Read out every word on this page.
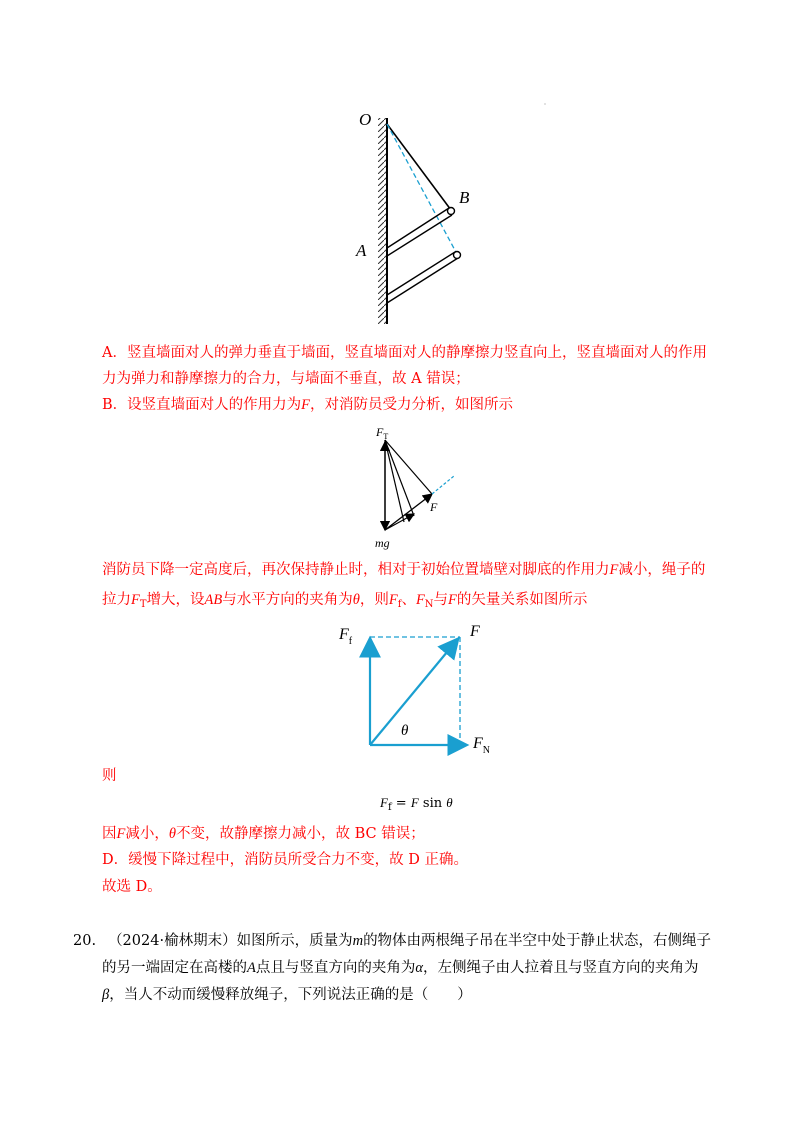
O
B
A
A．竖直墙面对人的弹力垂直于墙面，竖直墙面对人的静摩擦力竖直向上，竖直墙面对人的作用
力为弹力和静摩擦力的合力，与墙面不垂直，故 A 错误；
B．设竖直墙面对人的作用力为F，对消防员受力分析，如图所示
$F_T$
F
mg
消防员下降一定高度后，再次保持静止时，相对于初始位置墙壁对脚底的作用力F减小，绳子的
拉力$F_T$增大，设AB与水平方向的夹角为θ，则$F_f$、$F_N$与F的矢量关系如图所示
$F_f$
F
θ
$F_N$
则
$F_f = F$ sin θ
因F减小，θ不变，故静摩擦力减小，故 BC 错误；
D．缓慢下降过程中，消防员所受合力不变，故 D 正确。
故选 D。
20. （2024·榆林期末）如图所示，质量为m的物体由两根绳子吊在半空中处于静止状态，右侧绳子
的另一端固定在高楼的A点且与竖直方向的夹角为α，左侧绳子由人拉着且与竖直方向的夹角为
β，当人不动而缓慢释放绳子，下列说法正确的是（　　）
